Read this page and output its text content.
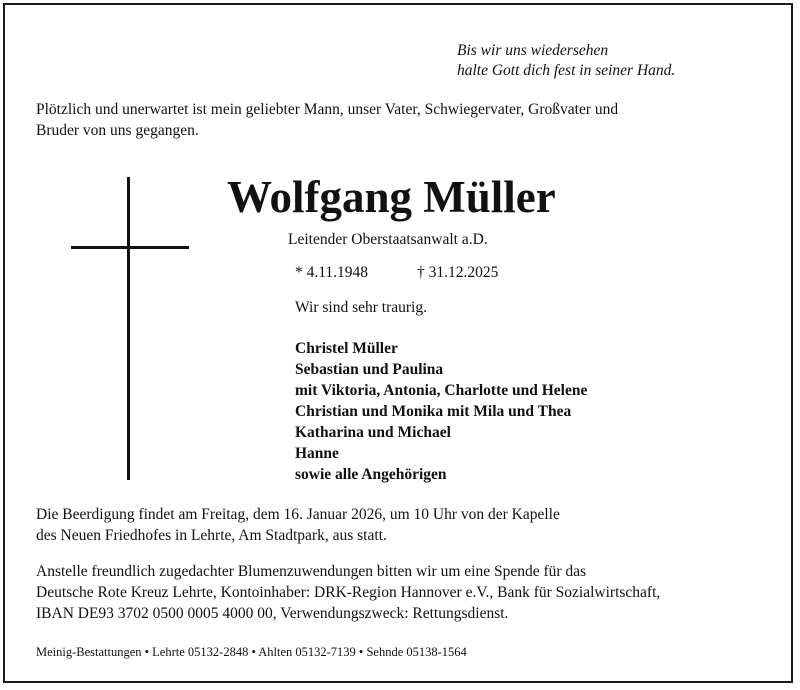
Bis wir uns wiedersehen
halte Gott dich fest in seiner Hand.
Plötzlich und unerwartet ist mein geliebter Mann, unser Vater, Schwiegervater, Großvater und
Bruder von uns gegangen.
Wolfgang Müller
Leitender Oberstaatsanwalt a.D.
* 4.11.1948	† 31.12.2025
Wir sind sehr traurig.
Christel Müller
Sebastian und Paulina
mit Viktoria, Antonia, Charlotte und Helene
Christian und Monika mit Mila und Thea
Katharina und Michael
Hanne
sowie alle Angehörigen
Die Beerdigung findet am Freitag, dem 16. Januar 2026, um 10 Uhr von der Kapelle
des Neuen Friedhofes in Lehrte, Am Stadtpark, aus statt.
Anstelle freundlich zugedachter Blumenzuwendungen bitten wir um eine Spende für das
Deutsche Rote Kreuz Lehrte, Kontoinhaber: DRK-Region Hannover e.V., Bank für Sozialwirtschaft,
IBAN DE93 3702 0500 0005 4000 00, Verwendungszweck: Rettungsdienst.
Meinig-Bestattungen • Lehrte 05132-2848 • Ahlten 05132-7139 • Sehnde 05138-1564
